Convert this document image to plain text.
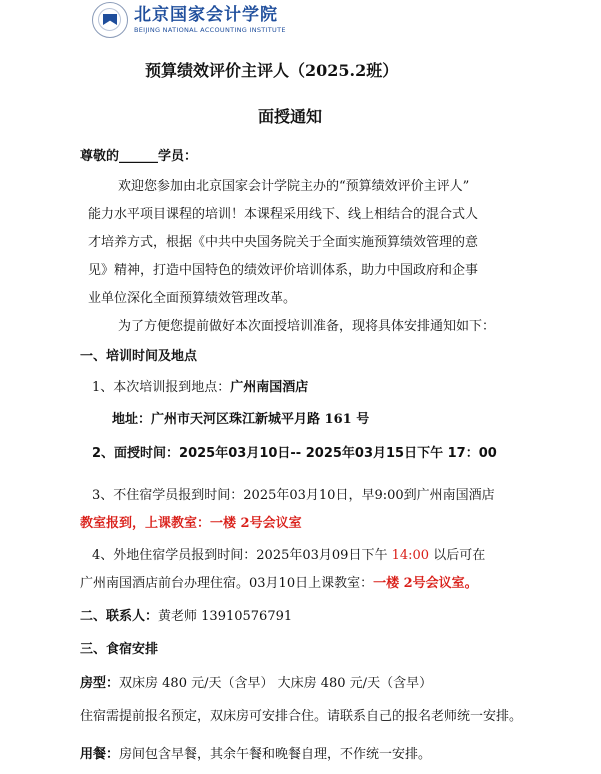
北京国家会计学院
BEIJING NATIONAL ACCOUNTING INSTITUTE
预算绩效评价主评人（2025.2班）
面授通知
尊敬的______学员：
欢迎您参加由北京国家会计学院主办的“预算绩效评价主评人”
能力水平项目课程的培训！本课程采用线下、线上相结合的混合式人
才培养方式，根据《中共中央国务院关于全面实施预算绩效管理的意
见》精神，打造中国特色的绩效评价培训体系，助力中国政府和企事
业单位深化全面预算绩效管理改革。
为了方便您提前做好本次面授培训准备，现将具体安排通知如下：
一、培训时间及地点
1、本次培训报到地点：广州南国酒店
地址：广州市天河区珠江新城平月路 161 号
2、面授时间：2025年03月10日-- 2025年03月15日下午 17：00
3、不住宿学员报到时间：2025年03月10日，早9:00到广州南国酒店
教室报到，上课教室：一楼 2号会议室
4、外地住宿学员报到时间：2025年03月09日下午 14:00 以后可在
广州南国酒店前台办理住宿。03月10日上课教室：一楼 2号会议室。
二、联系人：黄老师 13910576791
三、食宿安排
房型：双床房 480 元/天（含早） 大床房 480 元/天（含早）
住宿需提前报名预定，双床房可安排合住。请联系自己的报名老师统一安排。
用餐：房间包含早餐，其余午餐和晚餐自理，不作统一安排。
